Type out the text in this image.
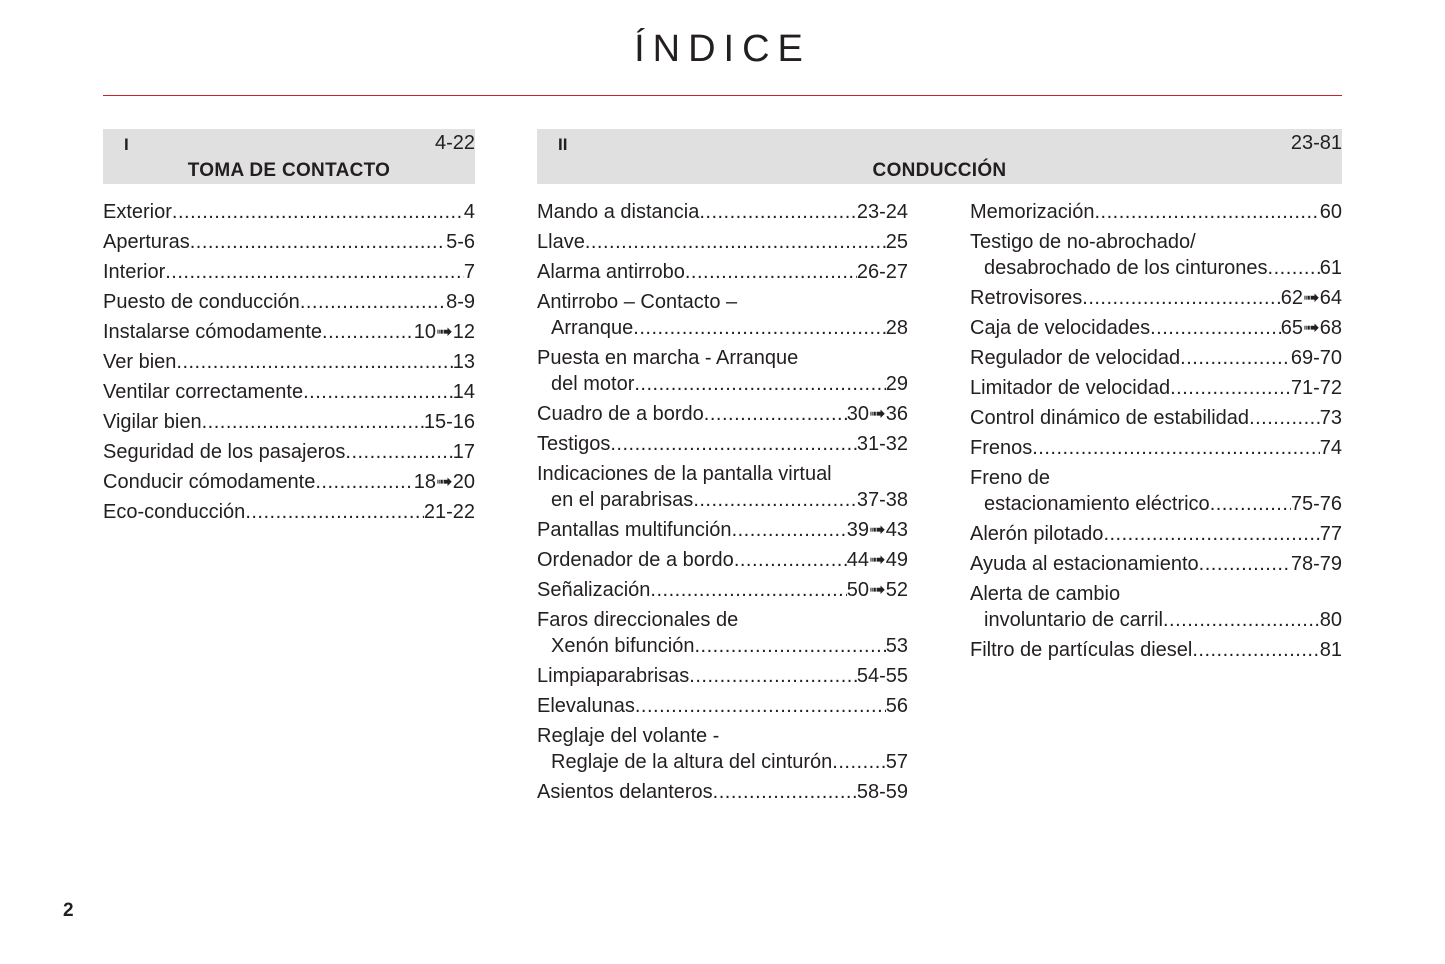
ÍNDICE
I	4-22
TOMA DE CONTACTO
II	23-81
CONDUCCIÓN
Exterior .....	4
Aperturas .....	5-6
Interior .....	7
Puesto de conducción .....	8-9
Instalarse cómodamente .....	10➟12
Ver bien .....	13
Ventilar correctamente .....	14
Vigilar bien .....	15-16
Seguridad de los pasajeros .....	17
Conducir cómodamente .....	18➟20
Eco-conducción .....	21-22
Mando a distancia .....	23-24
Llave .....	25
Alarma antirrobo .....	26-27
Antirrobo – Contacto –
Arranque .....	28
Puesta en marcha - Arranque
del motor .....	29
Cuadro de a bordo .....	30➟36
Testigos .....	31-32
Indicaciones de la pantalla virtual
en el parabrisas .....	37-38
Pantallas multifunción .....	39➟43
Ordenador de a bordo .....	44➟49
Señalización .....	50➟52
Faros direccionales de
Xenón bifunción .....	53
Limpiaparabrisas .....	54-55
Elevalunas .....	56
Reglaje del volante -
Reglaje de la altura del cinturón .....	57
Asientos delanteros .....	58-59
Memorización .....	60
Testigo de no-abrochado/
desabrochado de los cinturones .....	61
Retrovisores .....	62➟64
Caja de velocidades .....	65➟68
Regulador de velocidad .....	69-70
Limitador de velocidad .....	71-72
Control dinámico de estabilidad .....	73
Frenos .....	74
Freno de
estacionamiento eléctrico .....	75-76
Alerón pilotado .....	77
Ayuda al estacionamiento .....	78-79
Alerta de cambio
involuntario de carril .....	80
Filtro de partículas diesel .....	81
2
